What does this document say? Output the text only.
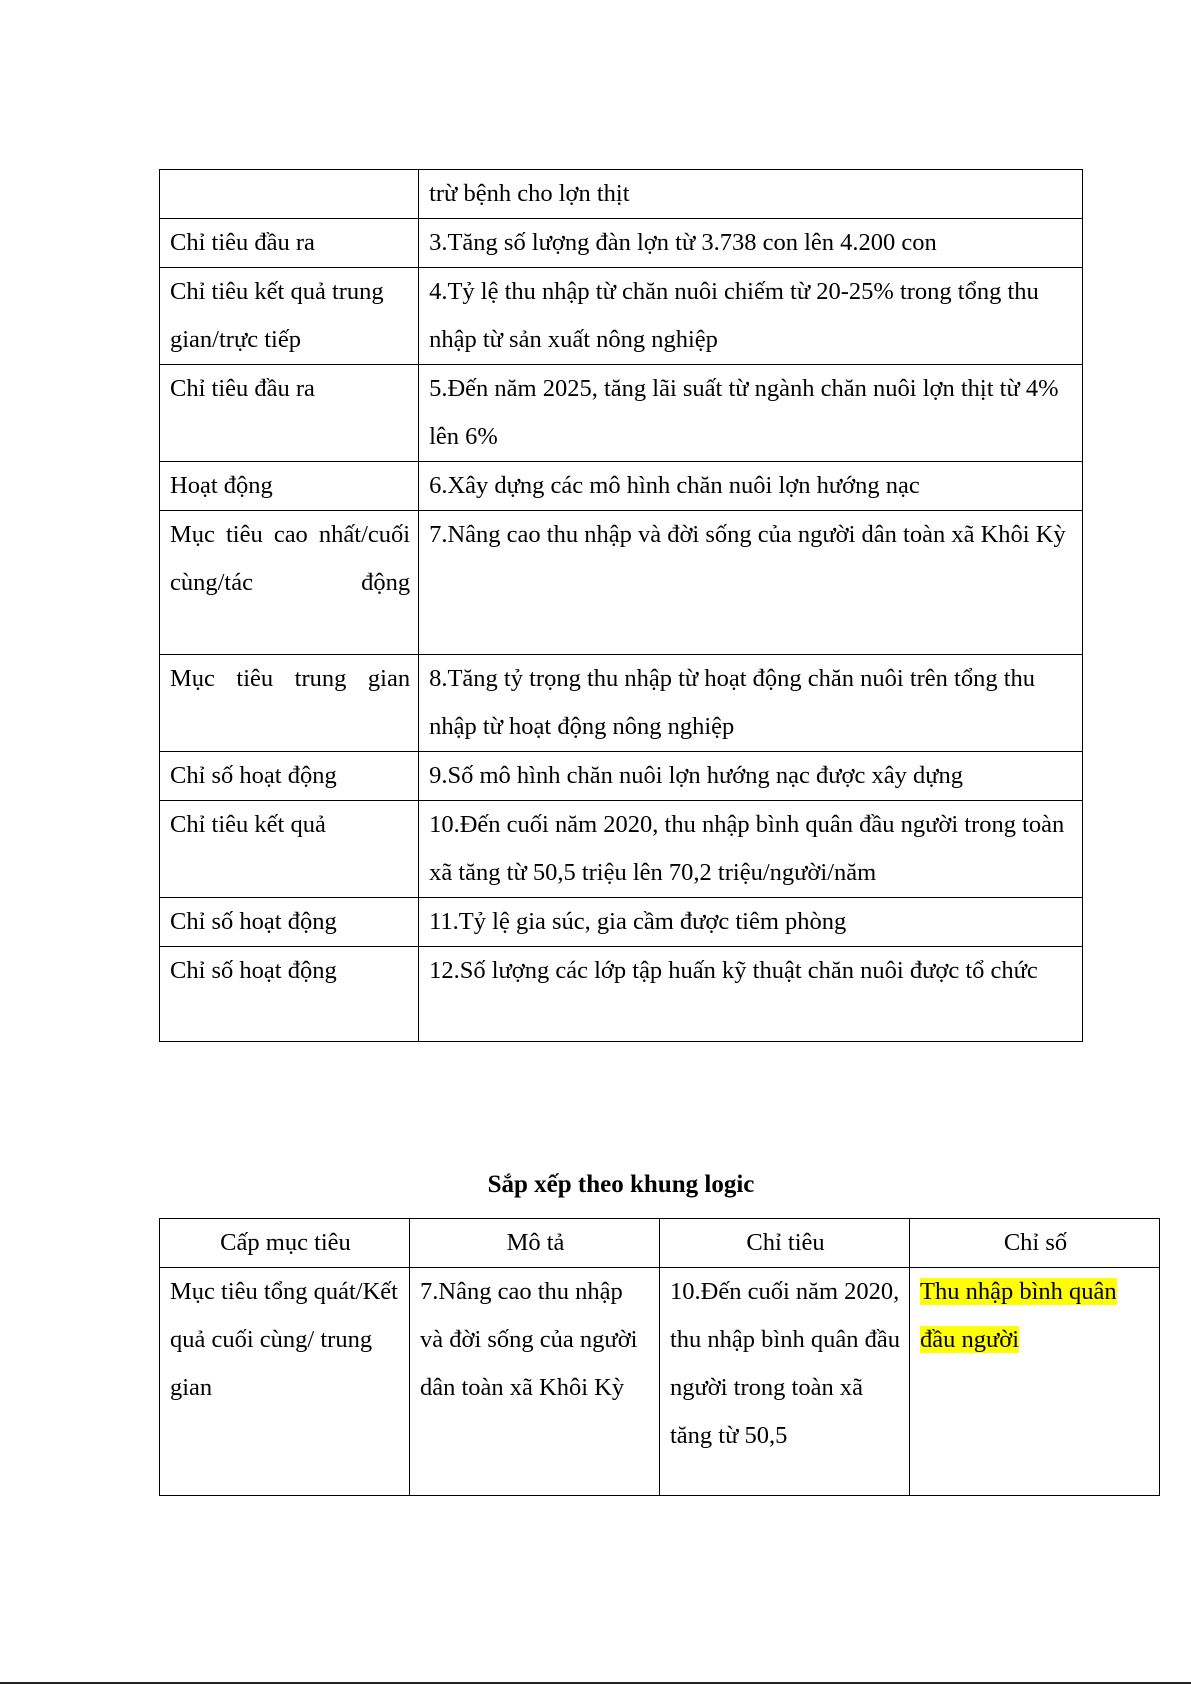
	trừ bệnh cho lợn thịt
Chỉ tiêu đầu ra	3.Tăng số lượng đàn lợn từ 3.738 con lên 4.200 con
Chỉ tiêu kết quả trung gian/trực tiếp	4.Tỷ lệ thu nhập từ chăn nuôi chiếm từ 20-25% trong tổng thu nhập từ sản xuất nông nghiệp
Chỉ tiêu đầu ra	5.Đến năm 2025, tăng lãi suất từ ngành chăn nuôi lợn thịt từ 4% lên 6%
Hoạt động	6.Xây dựng các mô hình chăn nuôi lợn hướng nạc
Mục tiêu cao nhất/cuối cùng/tác động	7.Nâng cao thu nhập và đời sống của người dân toàn xã Khôi Kỳ
Mục tiêu trung gian	8.Tăng tỷ trọng thu nhập từ hoạt động chăn nuôi trên tổng thu nhập từ hoạt động nông nghiệp
Chỉ số hoạt động	9.Số mô hình chăn nuôi lợn hướng nạc được xây dựng
Chỉ tiêu kết quả	10.Đến cuối năm 2020, thu nhập bình quân đầu người trong toàn xã tăng từ 50,5 triệu lên 70,2 triệu/người/năm
Chỉ số hoạt động	11.Tỷ lệ gia súc, gia cầm được tiêm phòng
Chỉ số hoạt động	12.Số lượng các lớp tập huấn kỹ thuật chăn nuôi được tổ chức
Sắp xếp theo khung logic
Cấp mục tiêu	Mô tả	Chỉ tiêu	Chỉ số
Mục tiêu tổng quát/Kết quả cuối cùng/ trung gian	7.Nâng cao thu nhập và đời sống của người dân toàn xã Khôi Kỳ	10.Đến cuối năm 2020, thu nhập bình quân đầu người trong toàn xã tăng từ 50,5	Thu nhập bình quân đầu người
